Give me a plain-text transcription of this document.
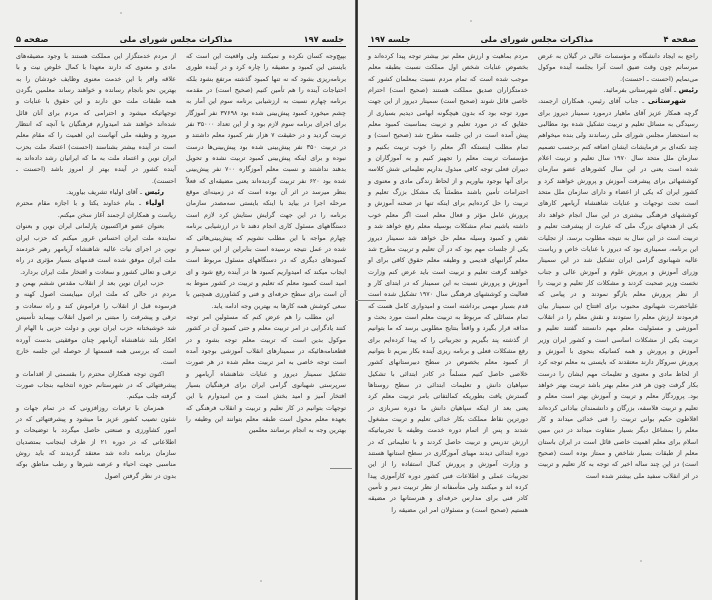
جلسه ۱۹۷
مذاکرات مجلس شورای ملی
صفحه ۵

بپیچ‌وجه کسان نکرده و نمیکنند ولی واقعیت این است که بایستی این کمبود و مضیقه را چاره کرد و در آینده طوری برنامه‌ریزی بشود که نه تنها کمبود گذشته مرتفع بشود بلکه احتیاجات آینده را هم تأمین کنیم (صحیح است) در مقدمه برنامه چهارم نسبت به ارزشیابی برنامه سوم این آمار به چشم میخورد کمبود پیش‌بینی شده بود ۳۷۶۹۸ نفر آموزگار برای اجرای برنامه سوم لازم بود و از این تعداد ۳۵۰۰۰ نفر تربیت گردید و در حقیقت ۷ هزار نفر کمبود معلم داشتند و در تربیت ۳۵۰ نفر پیش‌بینی شده بود پیش‌بینی‌ها درست نبوده و برای اینکه پیش‌بینی کمبود تربیت نشده و تحویل بدهند نداشتند و نسبت معلم آموزگاره ۷۰۰ نفر پیش‌بینی شده بود ۶۲۰ نفر تربیت گردیده‌اند یعنی مضیقه‌ای که فعلاً بنظر میرسد در اثر آن بوده است که در زمینه‌ای موقع مرحله اجرا در بیاید با اینکه بایستی سه‌مصدر سازمان برنامه را در این جهت گرایش ستایش کرد لازم است دستگاههای مسئول کاری انجام دهند تا در ارزشیابی برنامه چهارم مواجه با این مطلب نشویم که پیش‌بینی‌هائی که شده در عمل نتیجه نرسیده است بنابراین از این سمینار و کمبودهای دیگری که در دستگاههای مسئول مربوط است ایجاب میکند که امیدواریم کمبود ها در آینده رفع شود و ای امید است کمبود معلم که تعلیم و تربیت در کشور منوط به آن است برای سطح حرفه‌ای و فنی و کشاورزی همچنین با سعی کوشش همه کارها به بهترین وجه ادامه یابد.

این مطلب را هم عرض کنم که مسئولین امر توجه کنند یادگرایی در امر تربیت معلم و حتی کمبود آن در کشور موکول بدین است که تربیت معلم توجه بشود و در قطعنامه‌هائیکه در سمینارهای انقلاب آموزشی بوجود آمده است توجه خاصی به امر تربیت معلم شده در هر صورت تشکیل سمینار دیروز و عنایات شاهنشاه آریامهر و سرپرستی شهبانوی گرامی ایران برای فرهنگیان بسیار افتخار آمیز و امید بخش است و من امیدوارم با این توجهات بتوانیم در کار تعلیم و تربیت و انقلاب فرهنگی که بعهده معلم محول است طبقه معلم بتوانند این وظیفه را بهترین وجه به انجام برسانند معلمین

از مردم خدمتگزار این مملکت هستند با وجود مضیقه‌های مادی و معنوی که دارند معهذا با کمال خلوص نیت و با علاقه وافر با این خدمت معنوی وظایف خودشان را به بهترین نحو بانجام رسانده و خواهند رساند معلمین بگردن همه طبقات ملت حق دارند و این حقوق با عنایات و توجهاتیکه میشود و احترامی که مردم برای آنان قائل شده‌اند خواهند شد امیدوارم فرهنگیان با آنچه که انتظار میرود و وظیفه ملی آنهاست این اهمیت را که مقام معلم است در آینده بیشتر بشناسند (احسنت) اعتماد ملت بحزب ایران نوین و اعتماد ملت به ما که ایرانیان رشد داده‌اند به آینده کشور در آینده بهتر از امروز باشد (احسنت ـ احسنت).

رئیس ـ آقای اولیاء تشریف بیاورید.

اولیاء ـ بنام خداوند یکتا و با اجازه مقام محترم ریاست و همکاران ارجمند آغاز سخن میکنم.

بعنوان عضو فراکسیون پارلمانی ایران نوین و بعنوان نماینده ملت ایران احساس غرور میکنم که حزب ایران نوین در اجرای نیات عالیه شاهنشاه آریامهر رهبر خردمند ملت ایران موفق شده است قدمهای بسیار مؤثری در راه ترقی و تعالی کشور و سعادت و افتخار ملت ایران بردارد.

حزب ایران نوین بعد از انقلاب مقدس ششم بهمن و مردم در حالی که ملت ایران میبایست اصول کهنه و فرسوده قبل از انقلاب را فراموش کند و راه سعادت و ترقی و پیشرفت را مبتنی بر اصول انقلاب بپیماید تأسیس شد خوشبختانه حزب ایران نوین و دولت حزبی با الهام از افکار بلند شاهنشاه آریامهر چنان موفقیتی بدست آورده است که بررسی همه قسمتها از حوصله این جلسه خارج است.

اکنون توجه همکاران محترم را بقسمتی از اقدامات و پیشرفتهائی که در شهرستانم حوزه انتخابیه بنجاب صورت گرفته جلب میکنم.

همزمان با ترقیات روزافزونی که در تمام جهات و شئون نصیب کشور عزیز ما میشود و پیشرفتهائی که در امور کشاورزی و صنعتی حاصل میگردد با توضیحات و اطلاعاتی که در دوره ۲۱ از طرف اینجانب بمتصدیان سازمان برنامه داده شد معتقد گردیدند که باید روش مناسبی جهت احیاء و عرضه شیرها و رطب مناطق بوکه بدون در نظر گرفتن اصول

صفحه ۴
مذاکرات مجلس شورای ملی
جلسه ۱۹۷

راجع به ایجاد دانشگاه و مؤسسات عالی در گیلان به عرض میرسانم چون وقت ضیق است آنرا بجلسه آینده موکول می‌نمایم (احسنت ـ احسنت).

رئیس ـ آقای شهرستانی بفرمائید.

شهرستانی ـ جناب آقای رئیس، همکاران ارجمند، گرچه همکار عزیز آقای ماهیار درمورد سمینار دیروز برای رسیدگی به مسائل تعلیم و تربیت تشکیل شده بود مطالبی به استحضار مجلس شورای ملی رساندند ولی بنده میخواهم چند نکته‌ای بر فرمایشات ایشان اضافه کنم برحسب تصمیم سازمان ملل متحد سال ۱۹۷۰ سال تعلیم و تربیت اعلام شده است یعنی در این سال کشورهای عضو سازمان کوششهائی برای پیشرفت آموزش و پرورش خواهند کرد و کشور ایران که یکی از اعضاء و دارای سازمان ملل متحد است تحت توجهات و عنایات شاهنشاه آریامهر کارهای کوششهای فرهنگی بیشتری در این سال انجام خواهد داد یکی از هدفهای بزرگ ملی که عبارت از پیشرفت تعلیم و تربیت است در این سال به نتیجه مطلوب برسد، از تجلیات این برنامه، سمیناری بود که دیروز با عنایات خاص و ریاست عالیه شهبانوی گرامی ایران تشکیل شد در این سمینار وزرای آموزش و پرورش علوم و آموزش عالی و جناب نخست وزیر صحبت کردند و مشکلات کار تعلیم و تربیت را از نظر پرورش معلم بازگو نمودند و در پیامی که علیاحضرت شهبانوی محبوب برای افتتاح این سمینار بیان فرمودند ارزش معلم را ستودند و نقش معلم را در انقلاب آموزشی و مسئولیت معلم مهم دانستند گفتند تعلیم و تربیت یکی از مشکلات اساسی است و کشور ایران وزیر آموزش و پرورش و همه کسانیکه بنحوی با آموزش و پرورش سروکار دارند معتقدند که بایستی به معلم توجه کرد از لحاظ مادی و معنوی و تعلیمات مهم ایشان را درست بکار گرفت چون هر قدر معلم بهتر باشد تربیت بهتر خواهد بود. پروردگار معلم و تربیت و آموزش بهتر است معلم و تعلیم و تربیت فلاسفه، بزرگان و دانشمندان بیادانی کرده‌اند افلاطون حکیم بوانی تربیت را فنی خدائی میداند و کار معلم را بمشاغل دیگر بسیار متفاوت میداند در دین مبین اسلام برای معلم اهمیت خاصی قائل است در ایران باستان معلم از طبقات بسیار شاخص و ممتاز بوده است (صحیح است) در این چند ساله اخیر که توجه به کار تعلیم و تربیت در اثر انقلاب سفید ملی بیشتر شده است

مردم بماهیت و ارزش معلم نیز بیشتر توجه پیدا کرده‌اند و بخصوص عنایات شخص اول مملکت نسبت بطبقه معلم موجب شده است که تمام مردم نسبت بمعلمان کشور که خدمتگزاران صدیق مملکت هستند (صحیح است) احترام خاصی قائل شوند (صحیح است) سمینار دیروز از این جهت مورد توجه بود که بدون هیچگونه ابهامی دیدیم بسیاری از حقایق که در مورد تعلیم و تربیت بمناسبت کمبود معلم پیش آمده است در این جلسه مطرح شد (صحیح است) و تمام مطلب اینستکه اگر معلم را خوب تربیت بکنیم و مؤسسات تربیت معلم را تجهیز کنیم و به آموزگاران و دبیران فعلی توجه کافی مبذول بداریم تعلیماتی شش کلاسه برای آنها بوجود بیاوریم و از لحاظ زندگی مادی و معنوی و احترامات تأمین باشند مطمئناً یک مشکل بزرگ تعلیم و تربیت را حل کرده‌ایم برای اینکه تنها در صحنه آموزش و پرورش عامل مؤثر و فعال معلم است اگر معلم خوب داشته باشیم تمام مشکلات بوسیله معلم رفع خواهد شد و نقص و کمبود وسیله معلم حل خواهد شد سمینار دیروز یکی از جلسات مهم بود که در آن تعلیم و تربیت مطرح شد معلم گرانبهای قدیمی و وظیفه معلم حقوق کافی برای او خواهند گرفت تعلیم و تربیت است باید عرض کنم وزارت آموزش و پرورش نسبت به این سمینار که در ابتدای کار و فعالیت و کوششهای فرهنگی سال ۱۹۷۰ تشکیل شده است قدم بسیار مهمی برداشته است و امیدواری کامل هست که تمام مسائلی که مربوط به تربیت معلم است مورد بحث و مداقه قرار بگیرد و واقعاً بنتایج مطلوبی برسد که ما بتوانیم از گذشته پند بگیریم و تجربیاتی را که پیدا کرده‌ایم برای رفع مشکلات فعلی و برنامه ریزی آینده بکار ببریم تا بتوانیم از کمبود معلم بخصوص در سطح دبیرستانهای کشور خلاصی حاصل کنیم مسلماً در کادر ابتدائی با تشکیل سپاهیان دانش و تعلیمات ابتدائی در سطح روستاها گسترش یافت بطوریکه کمالتفاتی بامر تربیت معلم کرد یعنی بعد از اینکه سپاهیان دانش ما دوره سربازی در دورترین نقاط مملکت بکار خدائی تعلیم و تربیت مشغول شدند و پس از اتمام دوره خدمت وظیفه با تجربیاتیکه ارزش تدریس و تربیت حاصل کردند و با تعلیماتی که در دوره ابتدائی دیدند مهیای آموزگاری در سطح استانها هستند و وزارت آموزش و پرورش کمال استفاده را از این تجربیات عملی و اطلاعات فنی کشور دوره کارآموزی پیدا کرده اند و میکنند ولی متأسفانه از نظر تربیت دبیر و تأمین کادر فنی برای مدارس حرفه‌ای و هنرستانها در مضیقه هستیم (صحیح است) و مسئولان امر این مضیقه را
